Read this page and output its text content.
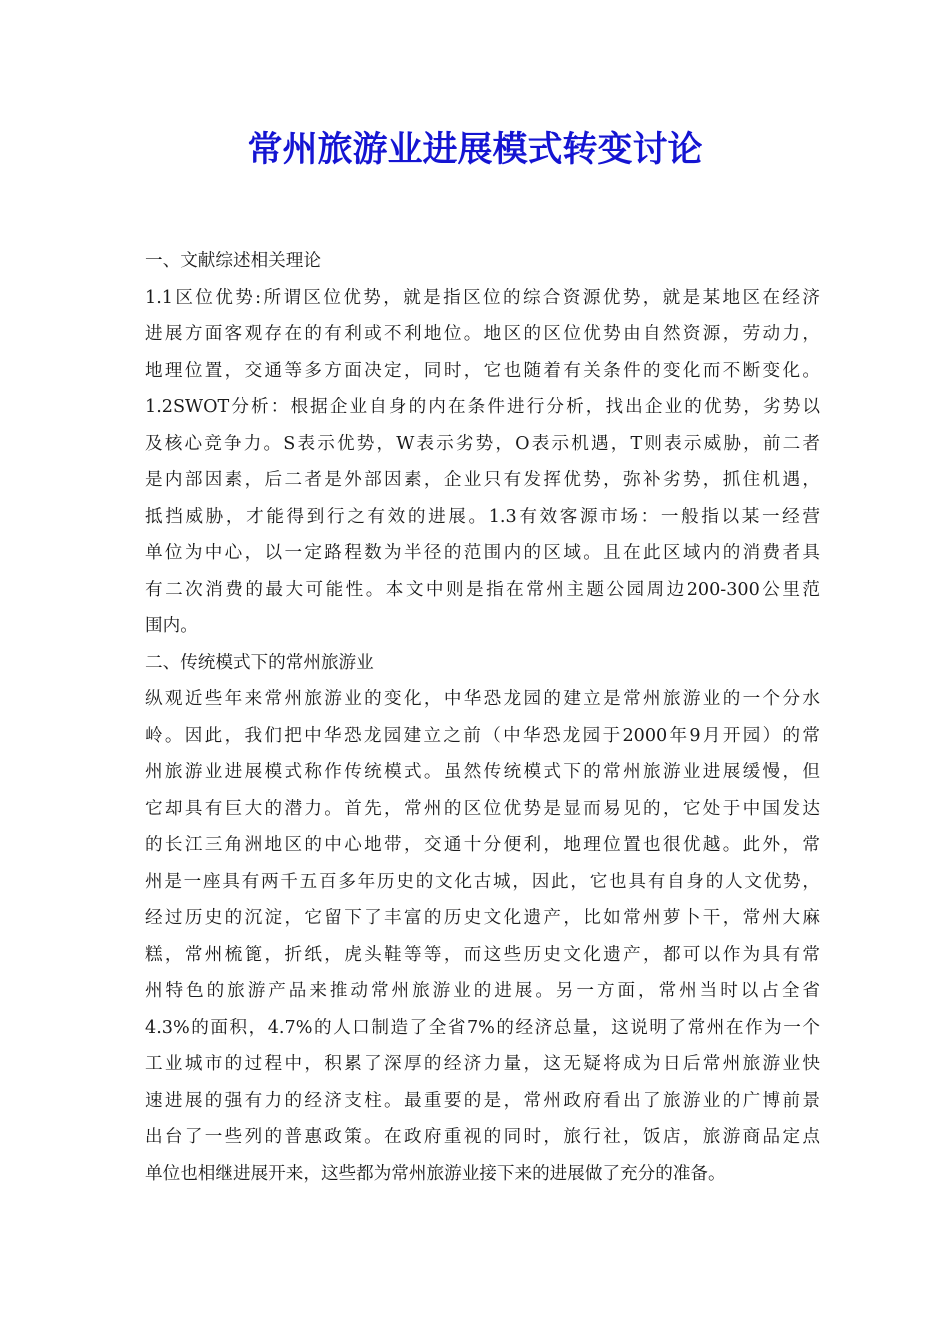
常州旅游业进展模式转变讨论
一、文献综述相关理论
1.1区位优势:所谓区位优势，就是指区位的综合资源优势，就是某地区在经济
进展方面客观存在的有利或不利地位。地区的区位优势由自然资源，劳动力，
地理位置，交通等多方面决定，同时，它也随着有关条件的变化而不断变化。
1.2SWOT分析：根据企业自身的内在条件进行分析，找出企业的优势，劣势以
及核心竞争力。S表示优势，W表示劣势，O表示机遇，T则表示威胁，前二者
是内部因素，后二者是外部因素，企业只有发挥优势，弥补劣势，抓住机遇，
抵挡威胁，才能得到行之有效的进展。1.3有效客源市场：一般指以某一经营
单位为中心，以一定路程数为半径的范围内的区域。且在此区域内的消费者具
有二次消费的最大可能性。本文中则是指在常州主题公园周边200-300公里范
围内。
二、传统模式下的常州旅游业
纵观近些年来常州旅游业的变化，中华恐龙园的建立是常州旅游业的一个分水
岭。因此，我们把中华恐龙园建立之前（中华恐龙园于2000年9月开园）的常
州旅游业进展模式称作传统模式。虽然传统模式下的常州旅游业进展缓慢，但
它却具有巨大的潜力。首先，常州的区位优势是显而易见的，它处于中国发达
的长江三角洲地区的中心地带，交通十分便利，地理位置也很优越。此外，常
州是一座具有两千五百多年历史的文化古城，因此，它也具有自身的人文优势，
经过历史的沉淀，它留下了丰富的历史文化遗产，比如常州萝卜干，常州大麻
糕，常州梳篦，折纸，虎头鞋等等，而这些历史文化遗产，都可以作为具有常
州特色的旅游产品来推动常州旅游业的进展。另一方面，常州当时以占全省
4.3%的面积，4.7%的人口制造了全省7%的经济总量，这说明了常州在作为一个
工业城市的过程中，积累了深厚的经济力量，这无疑将成为日后常州旅游业快
速进展的强有力的经济支柱。最重要的是，常州政府看出了旅游业的广博前景
出台了一些列的普惠政策。在政府重视的同时，旅行社，饭店，旅游商品定点
单位也相继进展开来，这些都为常州旅游业接下来的进展做了充分的准备。
